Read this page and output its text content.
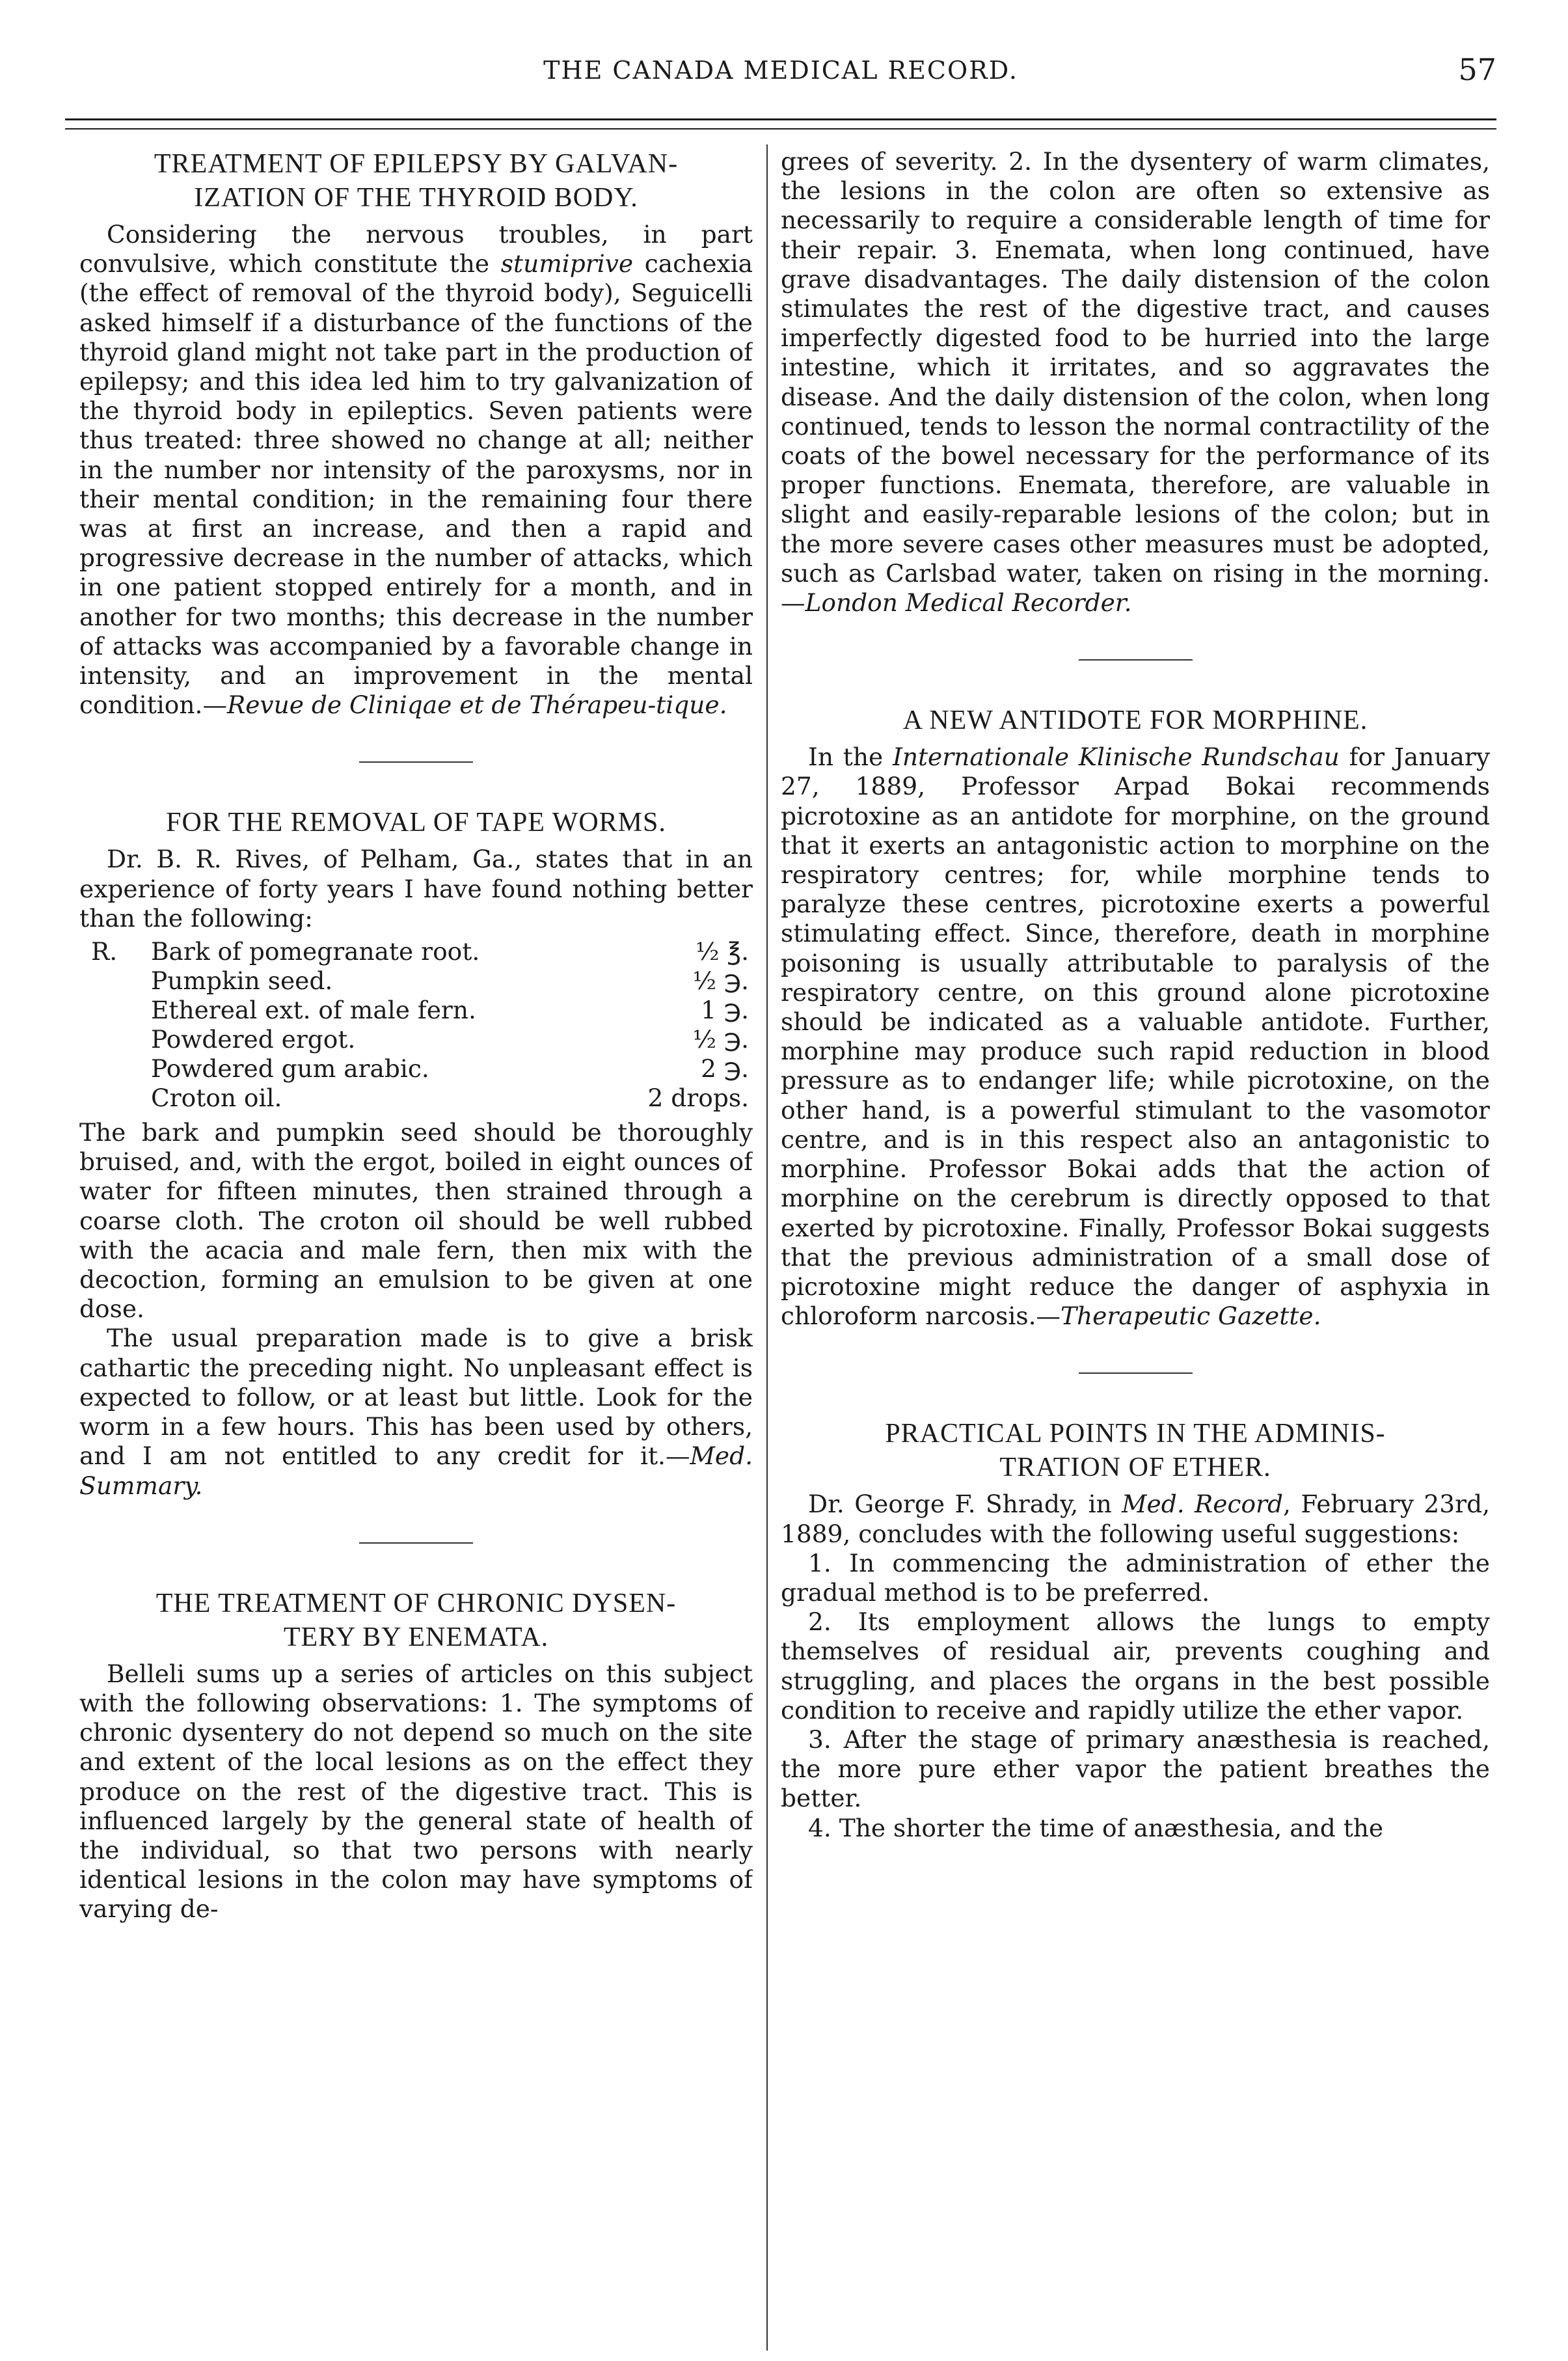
THE CANADA MEDICAL RECORD.	57
TREATMENT OF EPILEPSY BY GALVAN-
IZATION OF THE THYROID BODY.

Considering the nervous troubles, in part convulsive, which constitute the stumiprive cachexia (the effect of removal of the thyroid body), Seguicelli asked himself if a disturbance of the functions of the thyroid gland might not take part in the production of epilepsy; and this idea led him to try galvanization of the thyroid body in epileptics. Seven patients were thus treated: three showed no change at all; neither in the number nor intensity of the paroxysms, nor in their mental condition; in the remaining four there was at first an increase, and then a rapid and progressive decrease in the number of attacks, which in one patient stopped entirely for a month, and in another for two months; this decrease in the number of attacks was accompanied by a favorable change in intensity, and an improvement in the mental condition.—Revue de Cliniqae et de Thérapeu-tique.

FOR THE REMOVAL OF TAPE WORMS.

Dr. B. R. Rives, of Pelham, Ga., states that in an experience of forty years I have found nothing better than the following:

R.	Bark of pomegranate root.	½ ℥.
Pumpkin seed.	½ ℈.
Ethereal ext. of male fern.	1 ℈.
Powdered ergot.	½ ℈.
Powdered gum arabic.	2 ℈.
Croton oil.	2 drops.

The bark and pumpkin seed should be thoroughly bruised, and, with the ergot, boiled in eight ounces of water for fifteen minutes, then strained through a coarse cloth. The croton oil should be well rubbed with the acacia and male fern, then mix with the decoction, forming an emulsion to be given at one dose.

The usual preparation made is to give a brisk cathartic the preceding night. No unpleasant effect is expected to follow, or at least but little. Look for the worm in a few hours. This has been used by others, and I am not entitled to any credit for it.—Med. Summary.

THE TREATMENT OF CHRONIC DYSEN-
TERY BY ENEMATA.

Belleli sums up a series of articles on this subject with the following observations: 1. The symptoms of chronic dysentery do not depend so much on the site and extent of the local lesions as on the effect they produce on the rest of the digestive tract. This is influenced largely by the general state of health of the individual, so that two persons with nearly identical lesions in the colon may have symptoms of varying de-

grees of severity. 2. In the dysentery of warm climates, the lesions in the colon are often so extensive as necessarily to require a considerable length of time for their repair. 3. Enemata, when long continued, have grave disadvantages. The daily distension of the colon stimulates the rest of the digestive tract, and causes imperfectly digested food to be hurried into the large intestine, which it irritates, and so aggravates the disease. And the daily distension of the colon, when long continued, tends to lesson the normal contractility of the coats of the bowel necessary for the performance of its proper functions. Enemata, therefore, are valuable in slight and easily-reparable lesions of the colon; but in the more severe cases other measures must be adopted, such as Carlsbad water, taken on rising in the morning.—London Medical Recorder.

A NEW ANTIDOTE FOR MORPHINE.

In the Internationale Klinische Rundschau for January 27, 1889, Professor Arpad Bokai recommends picrotoxine as an antidote for morphine, on the ground that it exerts an antagonistic action to morphine on the respiratory centres; for, while morphine tends to paralyze these centres, picrotoxine exerts a powerful stimulating effect. Since, therefore, death in morphine poisoning is usually attributable to paralysis of the respiratory centre, on this ground alone picrotoxine should be indicated as a valuable antidote. Further, morphine may produce such rapid reduction in blood pressure as to endanger life; while picrotoxine, on the other hand, is a powerful stimulant to the vasomotor centre, and is in this respect also an antagonistic to morphine. Professor Bokai adds that the action of morphine on the cerebrum is directly opposed to that exerted by picrotoxine. Finally, Professor Bokai suggests that the previous administration of a small dose of picrotoxine might reduce the danger of asphyxia in chloroform narcosis.—Therapeutic Gazette.

PRACTICAL POINTS IN THE ADMINIS-
TRATION OF ETHER.

Dr. George F. Shrady, in Med. Record, February 23rd, 1889, concludes with the following useful suggestions:

1. In commencing the administration of ether the gradual method is to be preferred.

2. Its employment allows the lungs to empty themselves of residual air, prevents coughing and struggling, and places the organs in the best possible condition to receive and rapidly utilize the ether vapor.

3. After the stage of primary anæsthesia is reached, the more pure ether vapor the patient breathes the better.

4. The shorter the time of anæsthesia, and the
